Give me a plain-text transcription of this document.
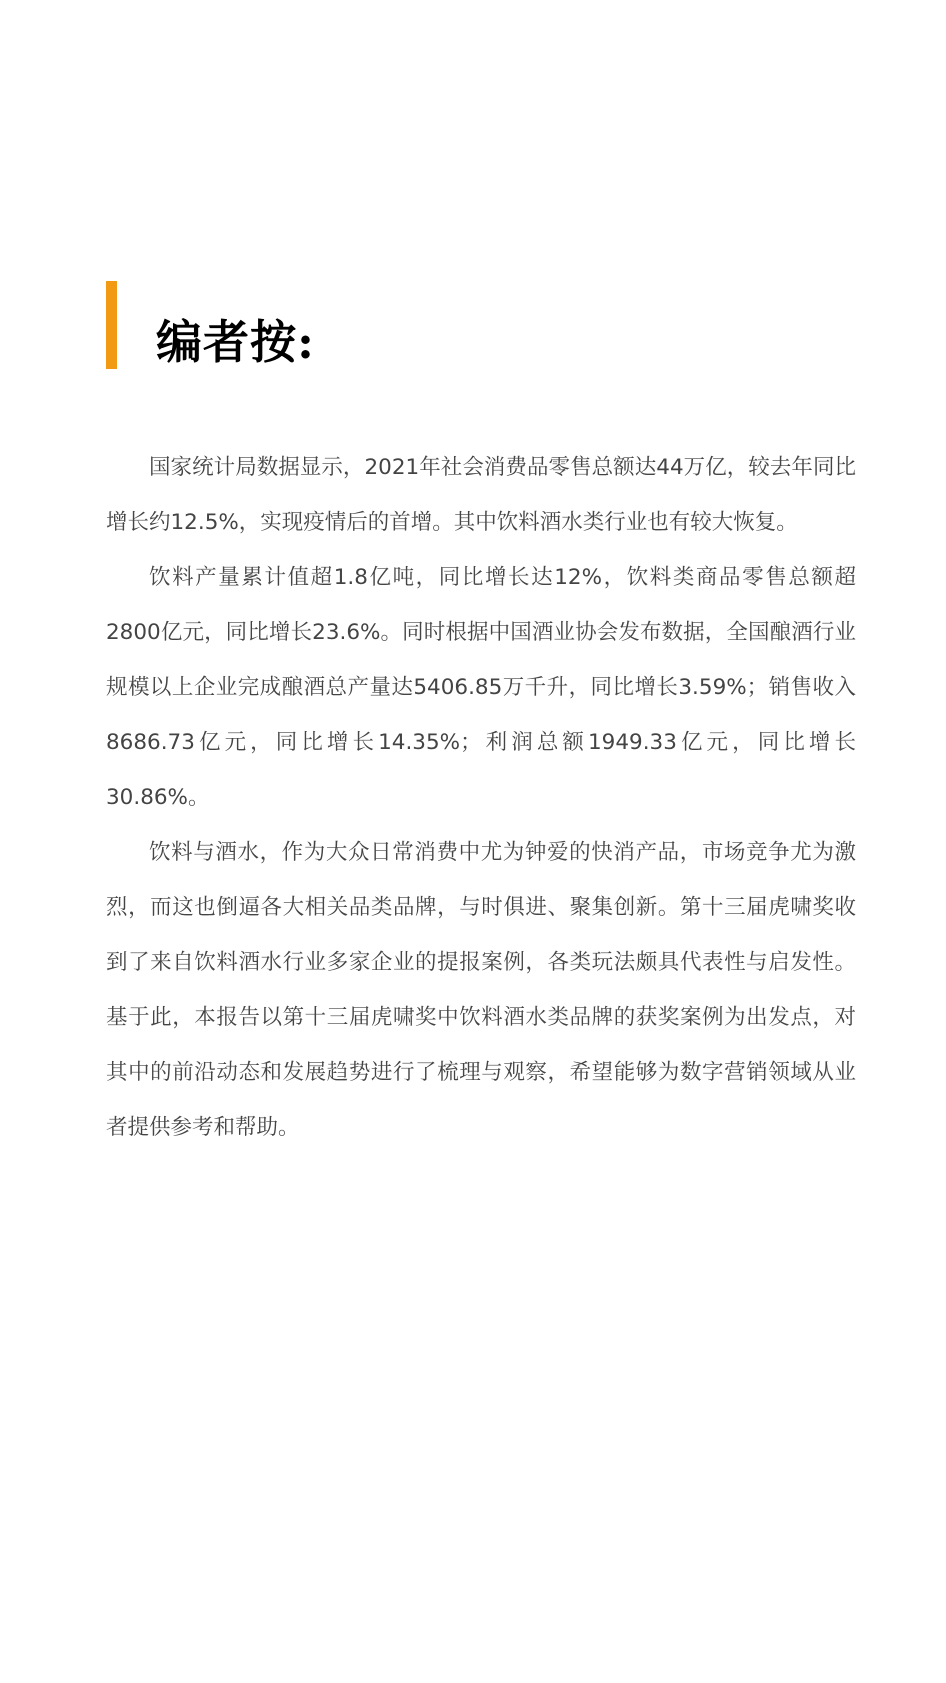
编者按:

国家统计局数据显示，2021年社会消费品零售总额达44万亿，较去年同比增长约12.5%，实现疫情后的首增。其中饮料酒水类行业也有较大恢复。

饮料产量累计值超1.8亿吨，同比增长达12%，饮料类商品零售总额超2800亿元，同比增长23.6%。同时根据中国酒业协会发布数据，全国酿酒行业规模以上企业完成酿酒总产量达5406.85万千升，同比增长3.59%；销售收入8686.73亿元，同比增长14.35%；利润总额1949.33亿元，同比增长30.86%。

饮料与酒水，作为大众日常消费中尤为钟爱的快消产品，市场竞争尤为激烈，而这也倒逼各大相关品类品牌，与时俱进、聚集创新。第十三届虎啸奖收到了来自饮料酒水行业多家企业的提报案例，各类玩法颇具代表性与启发性。基于此，本报告以第十三届虎啸奖中饮料酒水类品牌的获奖案例为出发点，对其中的前沿动态和发展趋势进行了梳理与观察，希望能够为数字营销领域从业者提供参考和帮助。
